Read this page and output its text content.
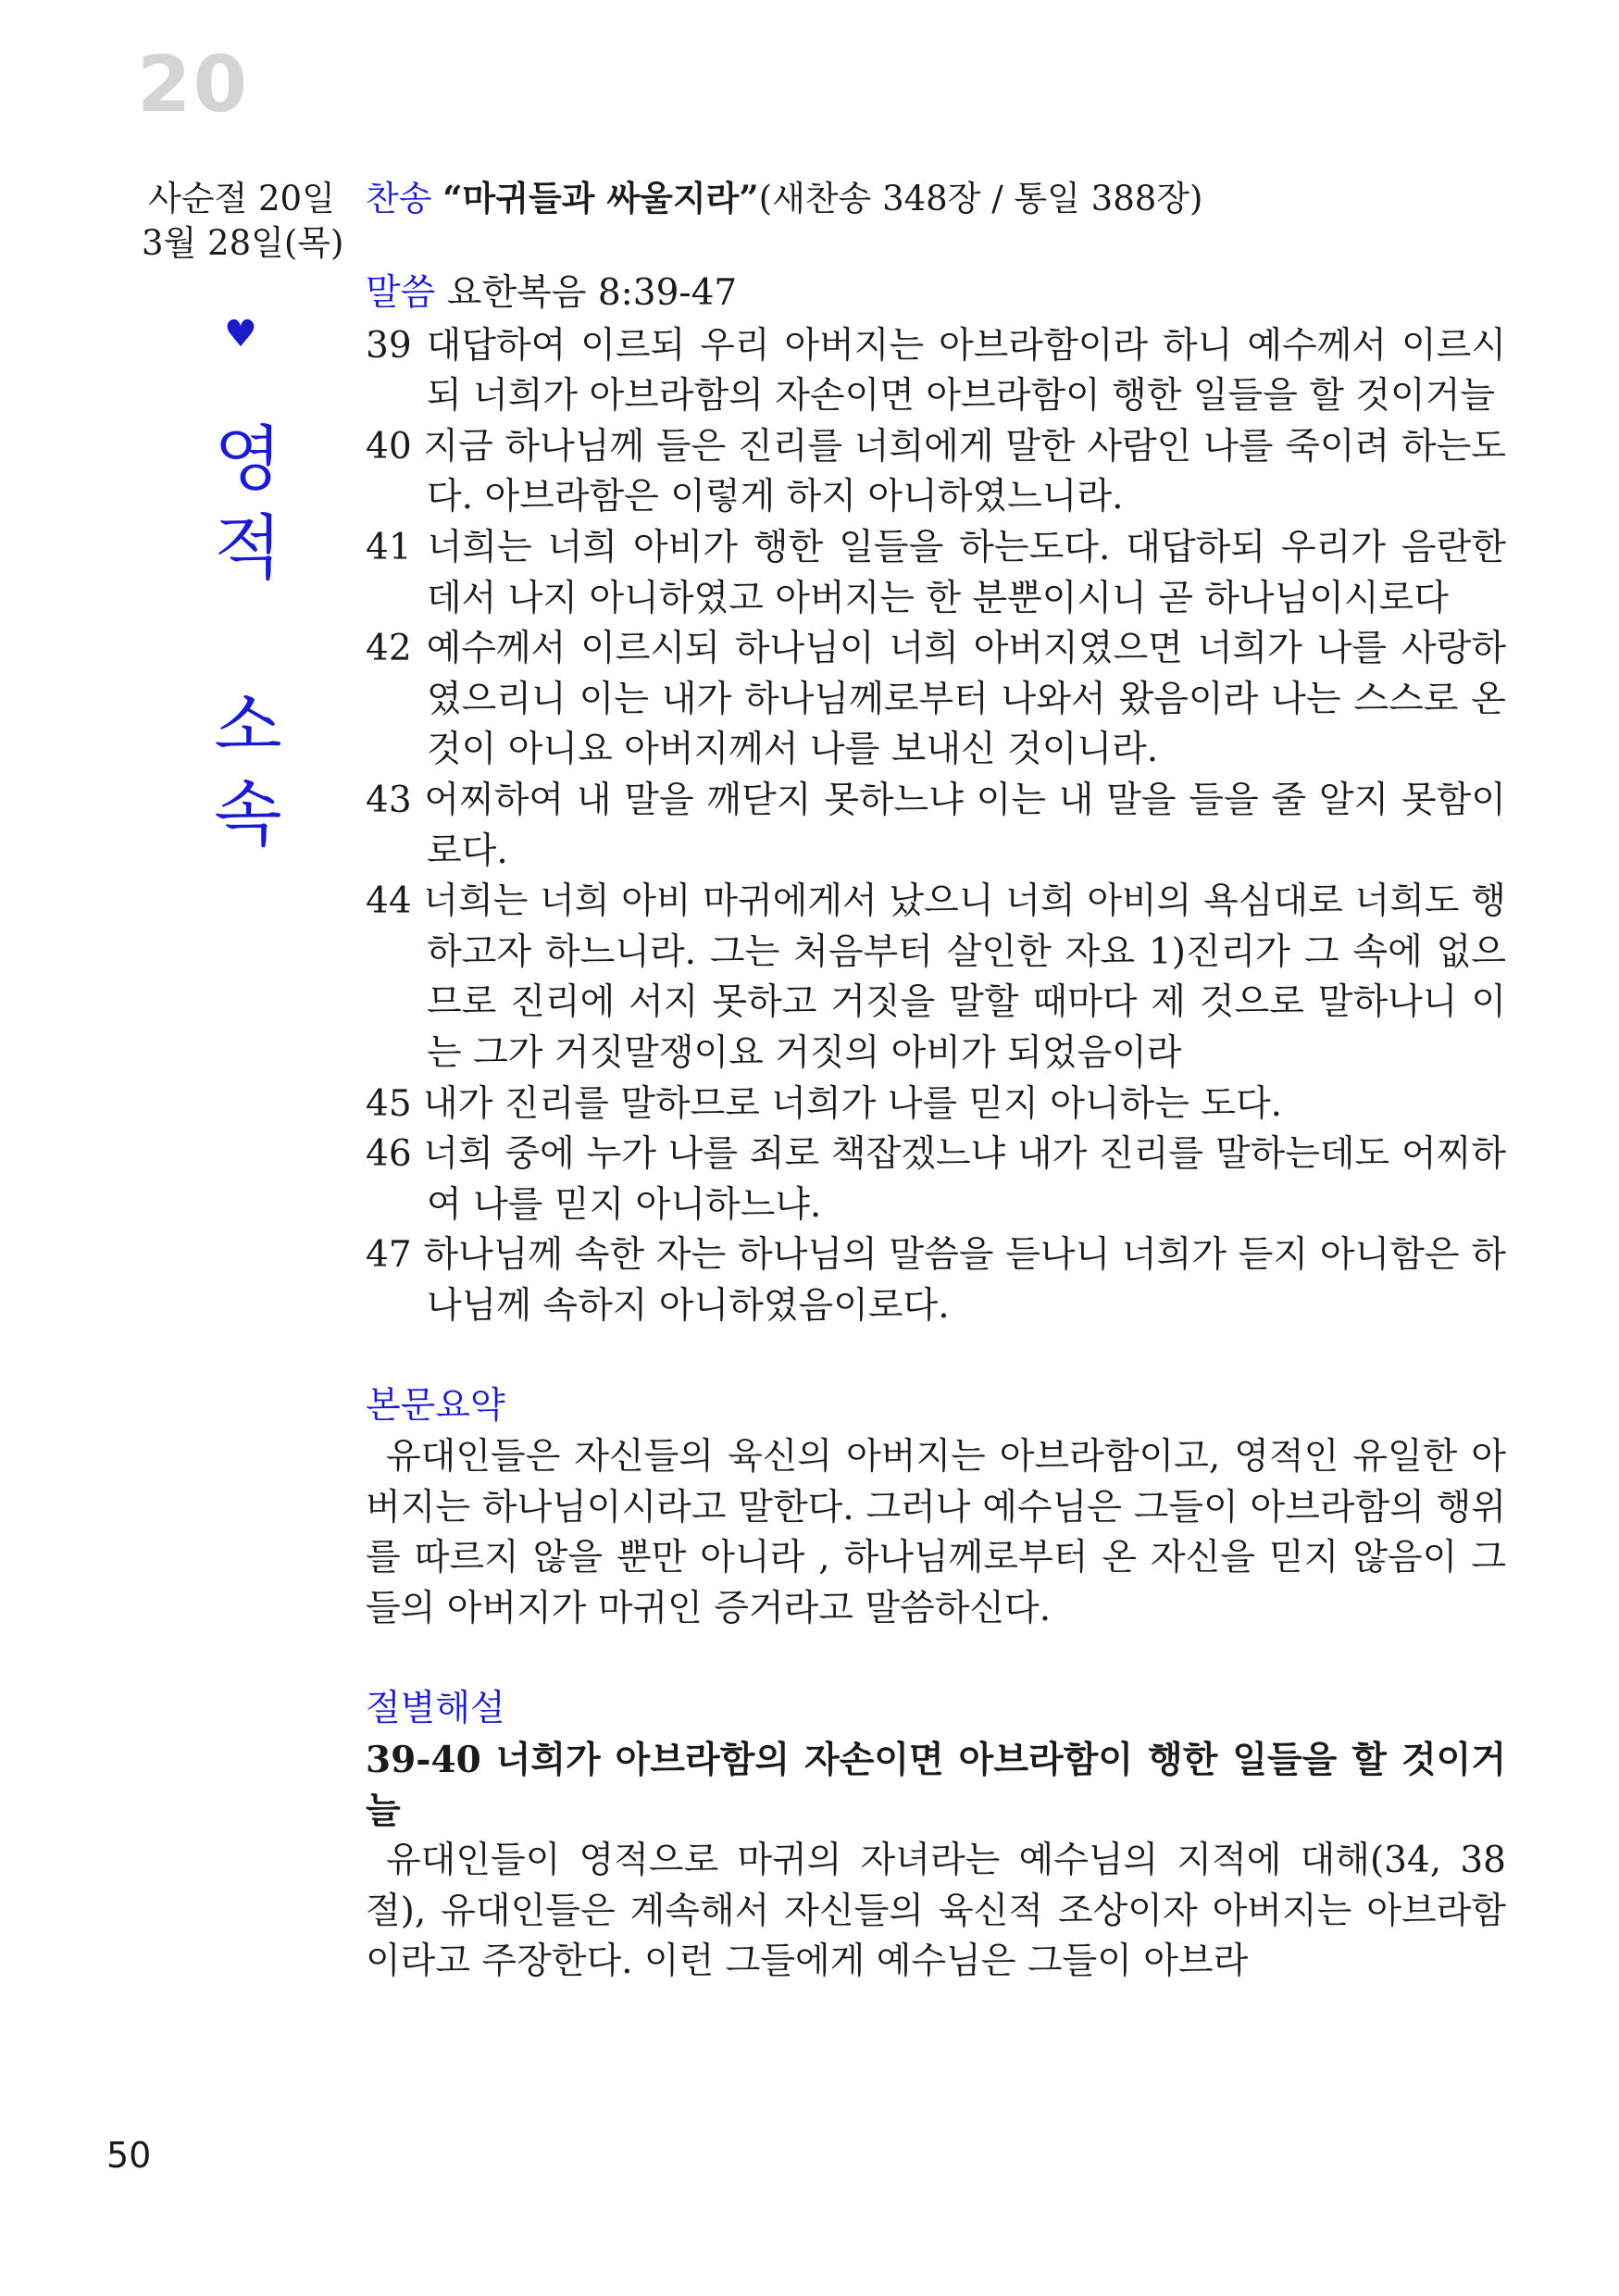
20
사순절 20일
3월 28일(목)
♥
영
적
소
속
찬송 “마귀들과 싸울지라”(새찬송 348장 / 통일 388장)
말씀 요한복음 8:39-47
39 대답하여 이르되 우리 아버지는 아브라함이라 하니 예수께서 이르시되 너희가 아브라함의 자손이면 아브라함이 행한 일들을 할 것이거늘
40 지금 하나님께 들은 진리를 너희에게 말한 사람인 나를 죽이려 하는도다. 아브라함은 이렇게 하지 아니하였느니라.
41 너희는 너희 아비가 행한 일들을 하는도다. 대답하되 우리가 음란한 데서 나지 아니하였고 아버지는 한 분뿐이시니 곧 하나님이시로다
42 예수께서 이르시되 하나님이 너희 아버지였으면 너희가 나를 사랑하였으리니 이는 내가 하나님께로부터 나와서 왔음이라 나는 스스로 온 것이 아니요 아버지께서 나를 보내신 것이니라.
43 어찌하여 내 말을 깨닫지 못하느냐 이는 내 말을 들을 줄 알지 못함이로다.
44 너희는 너희 아비 마귀에게서 났으니 너희 아비의 욕심대로 너희도 행하고자 하느니라. 그는 처음부터 살인한 자요 1)진리가 그 속에 없으므로 진리에 서지 못하고 거짓을 말할 때마다 제 것으로 말하나니 이는 그가 거짓말쟁이요 거짓의 아비가 되었음이라
45 내가 진리를 말하므로 너희가 나를 믿지 아니하는 도다.
46 너희 중에 누가 나를 죄로 책잡겠느냐 내가 진리를 말하는데도 어찌하여 나를 믿지 아니하느냐.
47 하나님께 속한 자는 하나님의 말씀을 듣나니 너희가 듣지 아니함은 하나님께 속하지 아니하였음이로다.
본문요약
유대인들은 자신들의 육신의 아버지는 아브라함이고, 영적인 유일한 아버지는 하나님이시라고 말한다. 그러나 예수님은 그들이 아브라함의 행위를 따르지 않을 뿐만 아니라 , 하나님께로부터 온 자신을 믿지 않음이 그들의 아버지가 마귀인 증거라고 말씀하신다.
절별해설
39-40 너희가 아브라함의 자손이면 아브라함이 행한 일들을 할 것이거늘
유대인들이 영적으로 마귀의 자녀라는 예수님의 지적에 대해(34, 38절), 유대인들은 계속해서 자신들의 육신적 조상이자 아버지는 아브라함이라고 주장한다. 이런 그들에게 예수님은 그들이 아브라
50
